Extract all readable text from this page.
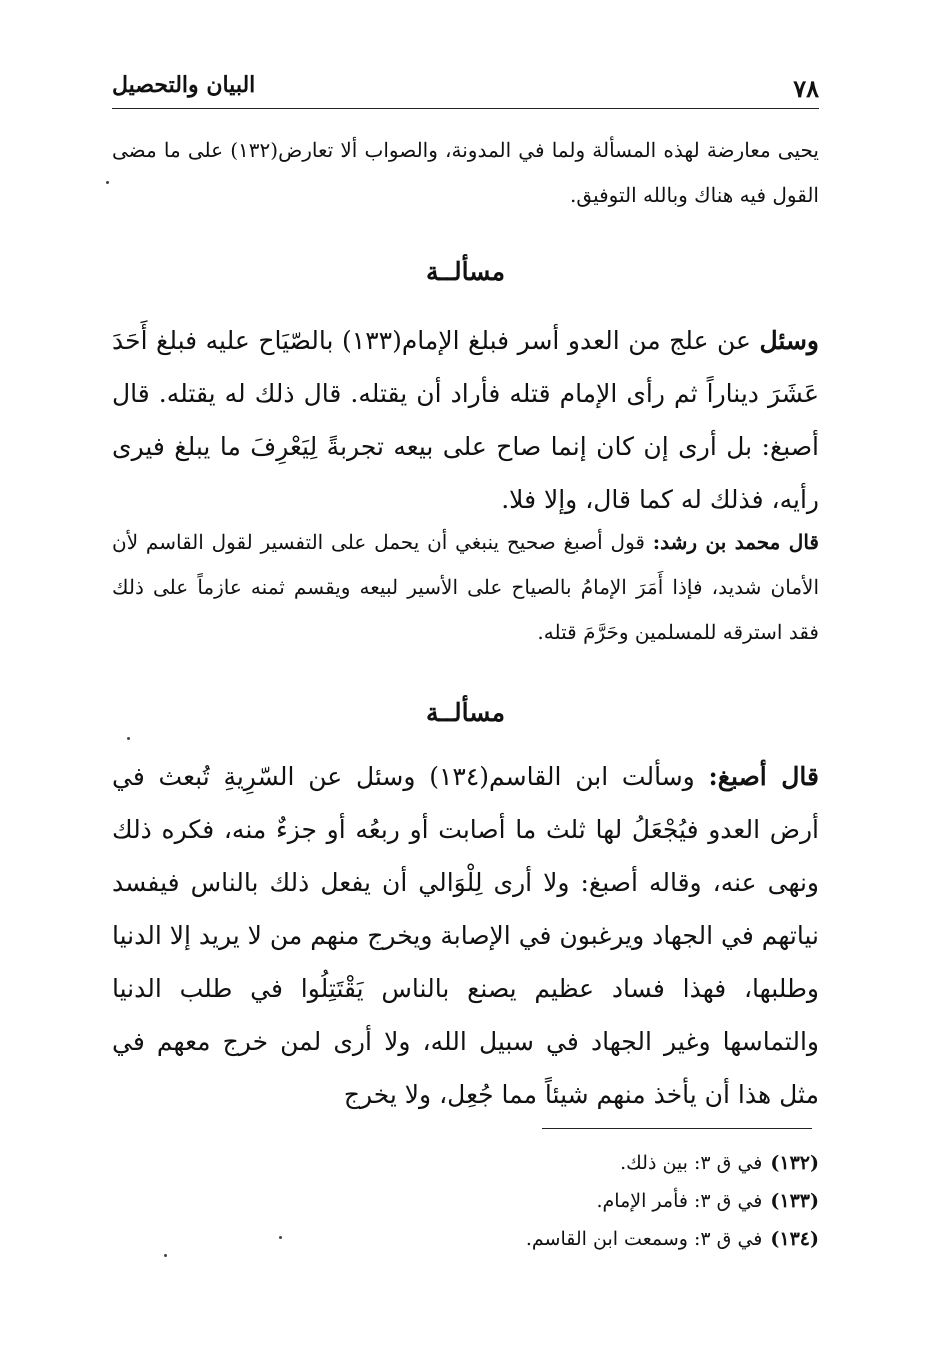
٧٨
البيان والتحصيل

يحيى معارضة لهذه المسألة ولما في المدونة، والصواب ألا تعارض(١٣٢) على ما مضى القول فيه هناك وبالله التوفيق.

مسألــة

وسئل عن علج من العدو أسر فبلغ الإمام(١٣٣) بالصّيَاح عليه فبلغ أَحَدَ عَشَرَ ديناراً ثم رأى الإمام قتله فأراد أن يقتله. قال ذلك له يقتله. قال أصبغ: بل أرى إن كان إنما صاح على بيعه تجربةً لِيَعْرِفَ ما يبلغ فيرى رأيه، فذلك له كما قال، وإلا فلا.

قال محمد بن رشد: قول أصبغ صحيح ينبغي أن يحمل على التفسير لقول القاسم لأن الأمان شديد، فإذا أَمَرَ الإمامُ بالصياح على الأسير لبيعه ويقسم ثمنه عازماً على ذلك فقد استرقه للمسلمين وحَرَّمَ قتله.

مسألــة

قال أصبغ: وسألت ابن القاسم(١٣٤) وسئل عن السّرِيةِ تُبعث في أرض العدو فيُجْعَلُ لها ثلث ما أصابت أو ربعُه أو جزءٌ منه، فكره ذلك ونهى عنه، وقاله أصبغ: ولا أرى لِلْوَالي أن يفعل ذلك بالناس فيفسد نياتهم في الجهاد ويرغبون في الإصابة ويخرج منهم من لا يريد إلا الدنيا وطلبها، فهذا فساد عظيم يصنع بالناس يَقْتَتِلُوا في طلب الدنيا والتماسها وغير الجهاد في سبيل الله، ولا أرى لمن خرج معهم في مثل هذا أن يأخذ منهم شيئاً مما جُعِل، ولا يخرج

(١٣٢)في ق ٣: بين ذلك.
(١٣٣)في ق ٣: فأمر الإمام.
(١٣٤)في ق ٣: وسمعت ابن القاسم.
